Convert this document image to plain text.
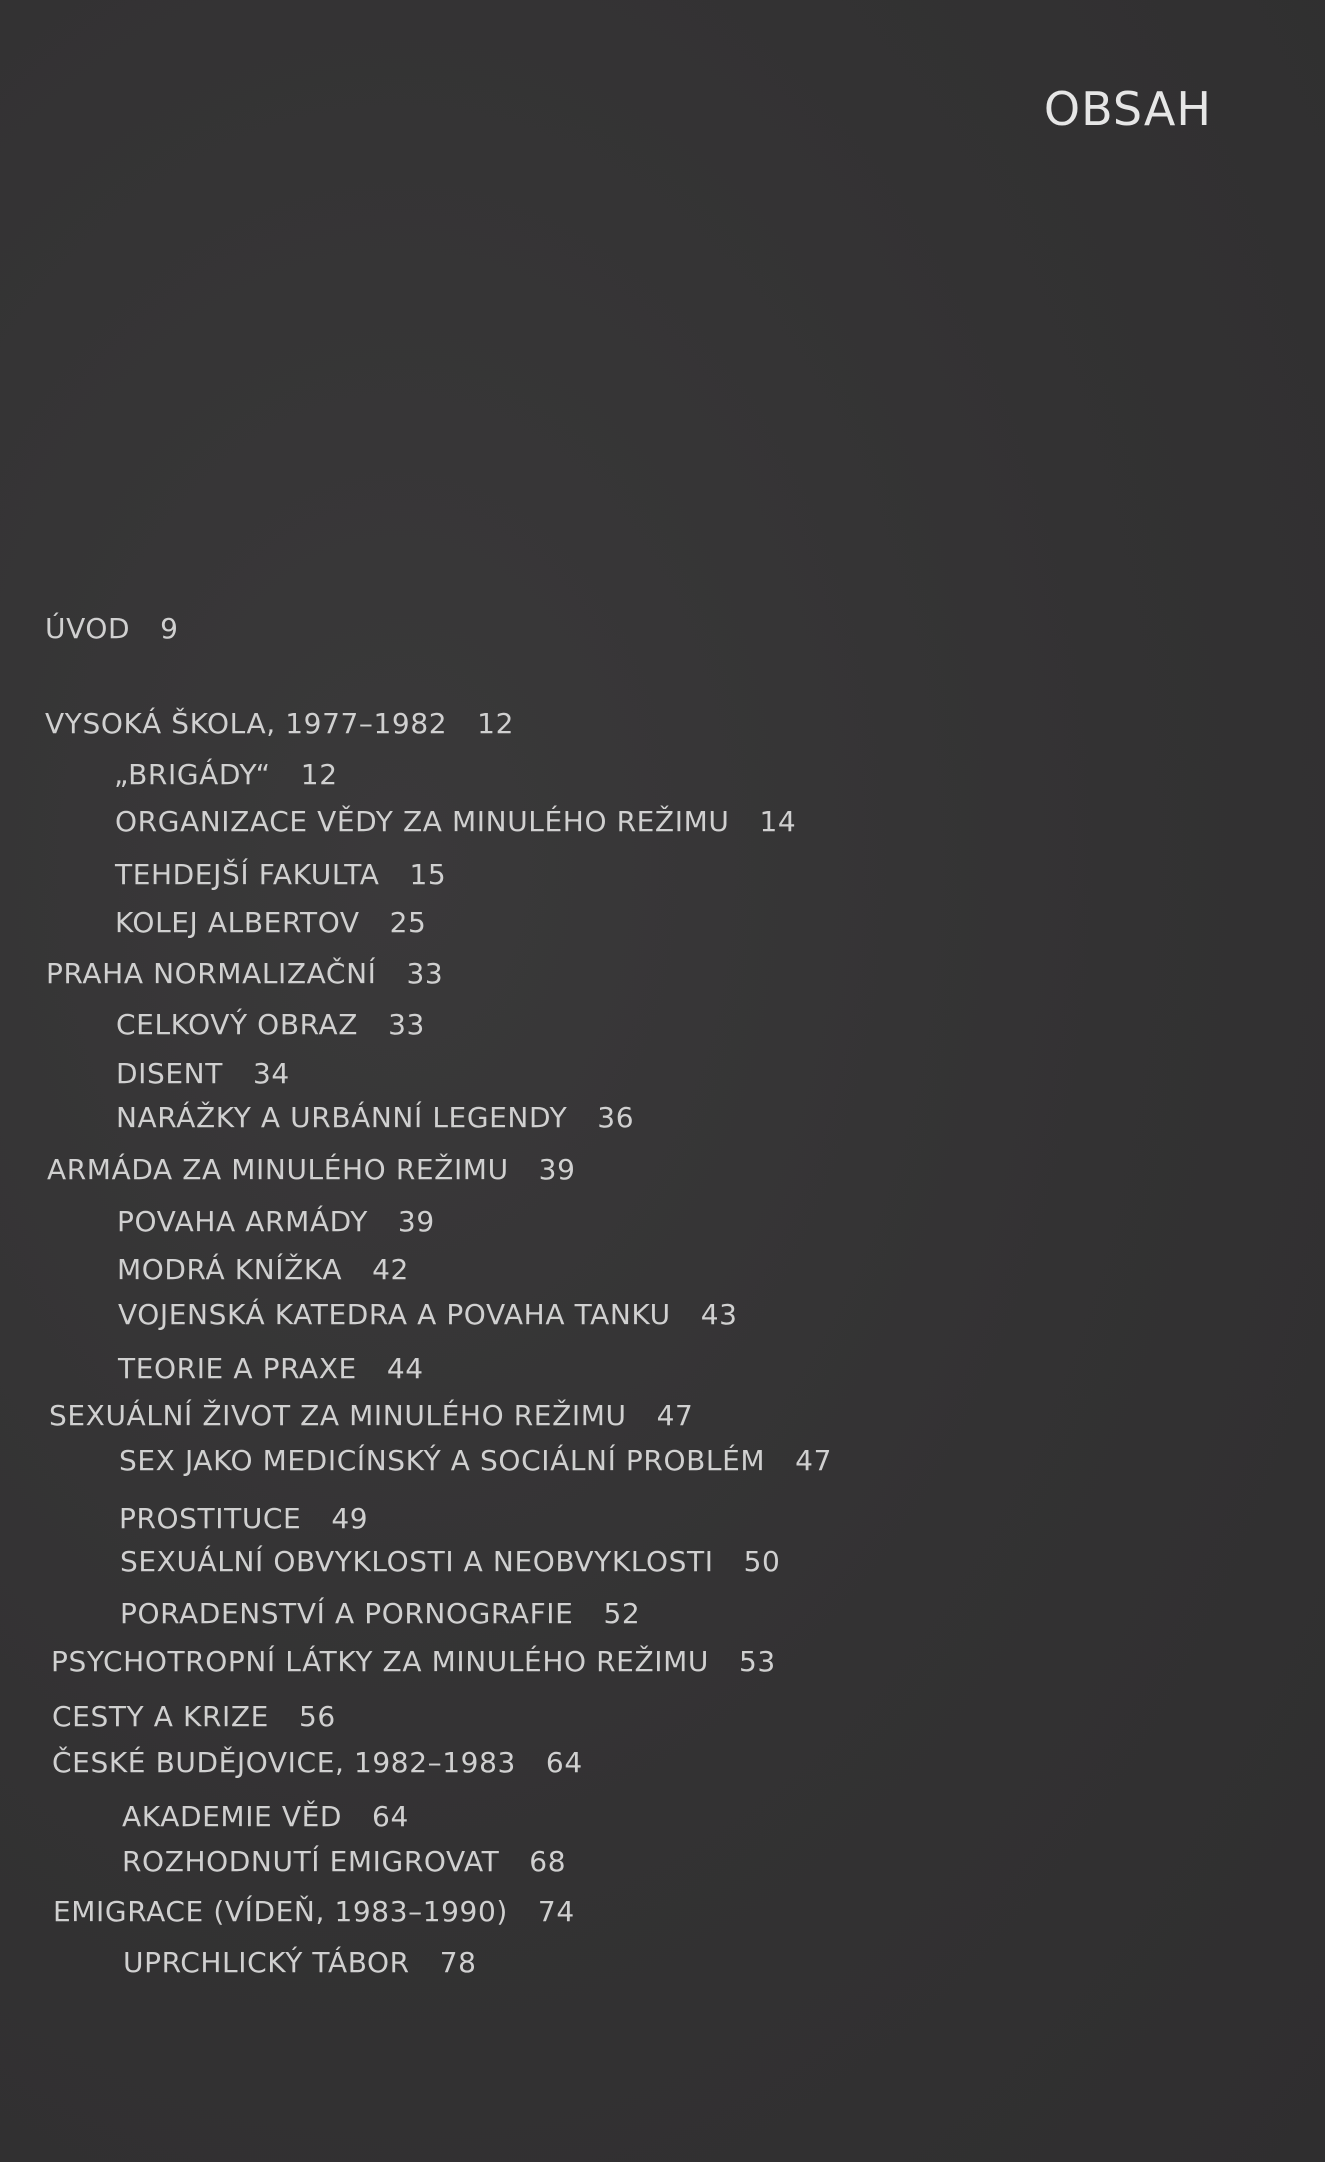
OBSAH
ÚVOD 9
VYSOKÁ ŠKOLA, 1977–1982 12
„BRIGÁDY“ 12
ORGANIZACE VĚDY ZA MINULÉHO REŽIMU 14
TEHDEJŠÍ FAKULTA 15
KOLEJ ALBERTOV 25
PRAHA NORMALIZAČNÍ 33
CELKOVÝ OBRAZ 33
DISENT 34
NARÁŽKY A URBÁNNÍ LEGENDY 36
ARMÁDA ZA MINULÉHO REŽIMU 39
POVAHA ARMÁDY 39
MODRÁ KNÍŽKA 42
VOJENSKÁ KATEDRA A POVAHA TANKU 43
TEORIE A PRAXE 44
SEXUÁLNÍ ŽIVOT ZA MINULÉHO REŽIMU 47
SEX JAKO MEDICÍNSKÝ A SOCIÁLNÍ PROBLÉM 47
PROSTITUCE 49
SEXUÁLNÍ OBVYKLOSTI A NEOBVYKLOSTI 50
PORADENSTVÍ A PORNOGRAFIE 52
PSYCHOTROPNÍ LÁTKY ZA MINULÉHO REŽIMU 53
CESTY A KRIZE 56
ČESKÉ BUDĚJOVICE, 1982–1983 64
AKADEMIE VĚD 64
ROZHODNUTÍ EMIGROVAT 68
EMIGRACE (VÍDEŇ, 1983–1990) 74
UPRCHLICKÝ TÁBOR 78
